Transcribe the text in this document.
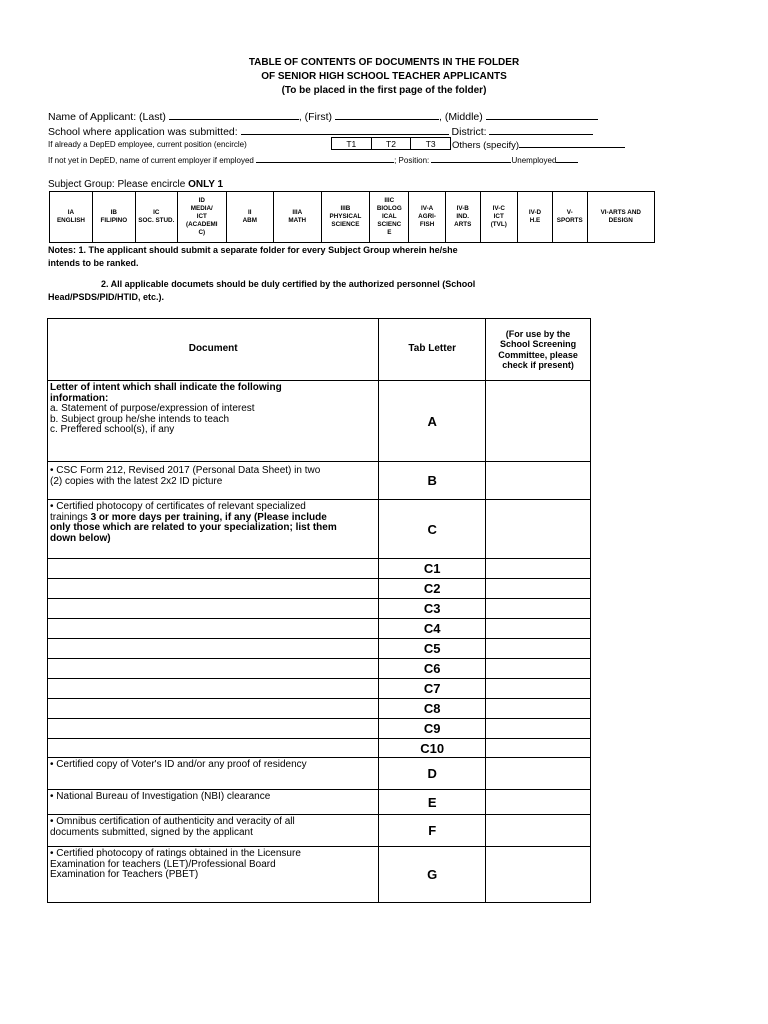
TABLE OF CONTENTS OF DOCUMENTS IN THE FOLDER
OF SENIOR HIGH SCHOOL TEACHER APPLICANTS
(To be placed in the first page of the folder)
Name of Applicant: (Last)	, (First)	, (Middle)
School where application was submitted:	District:
If already a DepED employee, current position (encircle)	T1	T2	T3 Others (specify)
If not yet in DepED, name of current employer if employed	; Position:	Unemployed
Subject Group: Please encircle ONLY 1
IA
ENGLISH

IB
FILIPINO

IC
SOC. STUD.

ID
MEDIA/
ICT
(ACADEMI
C)

II
ABM

IIIA
MATH

IIIB
PHYSICAL
SCIENCE

IIIC
BIOLOG
ICAL
SCIENC
E

IV-A
AGRI-
FISH

IV-B
IND.
ARTS

IV-C
ICT
(TVL)

IV-D
H.E

V-
SPORTS

VI-ARTS AND
DESIGN
Notes: 1. The applicant should submit a separate folder for every Subject Group wherein he/she
intends to be ranked.
2. All applicable documets should be duly certified by the authorized personnel (School
Head/PSDS/PID/HTID, etc.).
Document	Tab Letter	(For use by the
School Screening
Committee, please
check if present)

Letter of intent which shall indicate the following
information:
a. Statement of purpose/expression of interest
b. Subject group he/she intends to teach
c. Preffered school(s), if any	A	

• CSC Form 212, Revised 2017 (Personal Data Sheet) in two
(2) copies with the latest 2x2 ID picture	B	

• Certified photocopy of certificates of relevant specialized
trainings 3 or more days per training, if any (Please include
only those which are related to your specialization; list them
down below)	C	
	C1	
	C2	
	C3	
	C4	
	C5	
	C6	
	C7	
	C8	
	C9	
	C10	
• Certified copy of Voter's ID and/or any proof of residency	D	
• National Bureau of Investigation (NBI) clearance	E	

• Omnibus certification of authenticity and veracity of all
documents submitted, signed by the applicant	F	

• Certified photocopy of ratings obtained in the Licensure
Examination for teachers (LET)/Professional Board
Examination for Teachers (PBET)	G	
